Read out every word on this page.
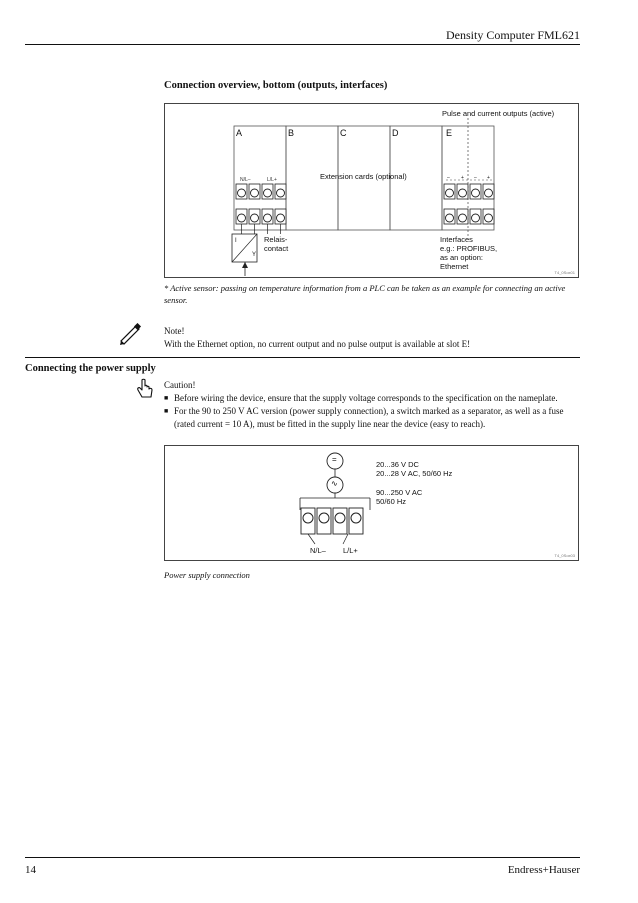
Density Computer FML621
Connection overview, bottom (outputs, interfaces)
Pulse and current outputs (active)
A	B	C	D	E
Extension cards (optional)
N/L–	L/L+	– + – +
Relais-
contact
Interfaces
e.g.: PROFIBUS,
as an option:
Ethernet
I
Y
T4_0Sox01
* Active sensor: passing on temperature information from a PLC can be taken as an example for connecting an active sensor.
Note!
With the Ethernet option, no current output and no pulse output is available at slot E!
Connecting the power supply
Caution!
■ Before wiring the device, ensure that the supply voltage corresponds to the specification on the nameplate.
■ For the 90 to 250 V AC version (power supply connection), a switch marked as a separator, as well as a fuse (rated current = 10 A), must be fitted in the supply line near the device (easy to reach).
=
∿
20...36 V DC
20...28 V AC, 50/60 Hz
90...250 V AC
50/60 Hz
N/L– L/L+
T4_0Sox03
Power supply connection
14	Endress+Hauser
